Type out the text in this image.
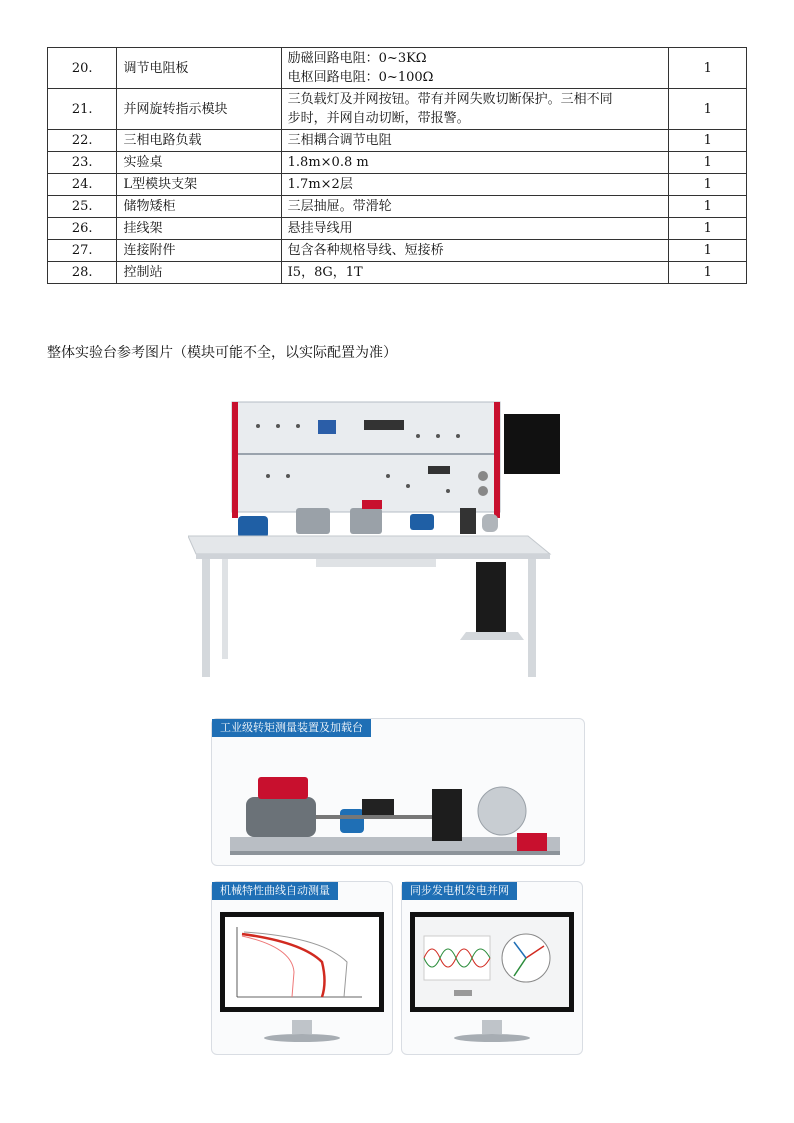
20.	调节电阻板	励磁回路电阻：0~3KΩ
电枢回路电阻：0~100Ω	1
21.	并网旋转指示模块	三负载灯及并网按钮。带有并网失败切断保护。三相不同
步时，并网自动切断，带报警。	1
22.	三相电路负载	三相耦合调节电阻	1
23.	实验桌	1.8m×0.8 m	1
24.	L型模块支架	1.7m×2层	1
25.	储物矮柜	三层抽屉。带滑轮	1
26.	挂线架	悬挂导线用	1
27.	连接附件	包含各种规格导线、短接桥	1
28.	控制站	I5，8G，1T	1
整体实验台参考图片（模块可能不全，以实际配置为准）
工业级转矩测量装置及加载台
机械特性曲线自动测量	同步发电机发电并网
